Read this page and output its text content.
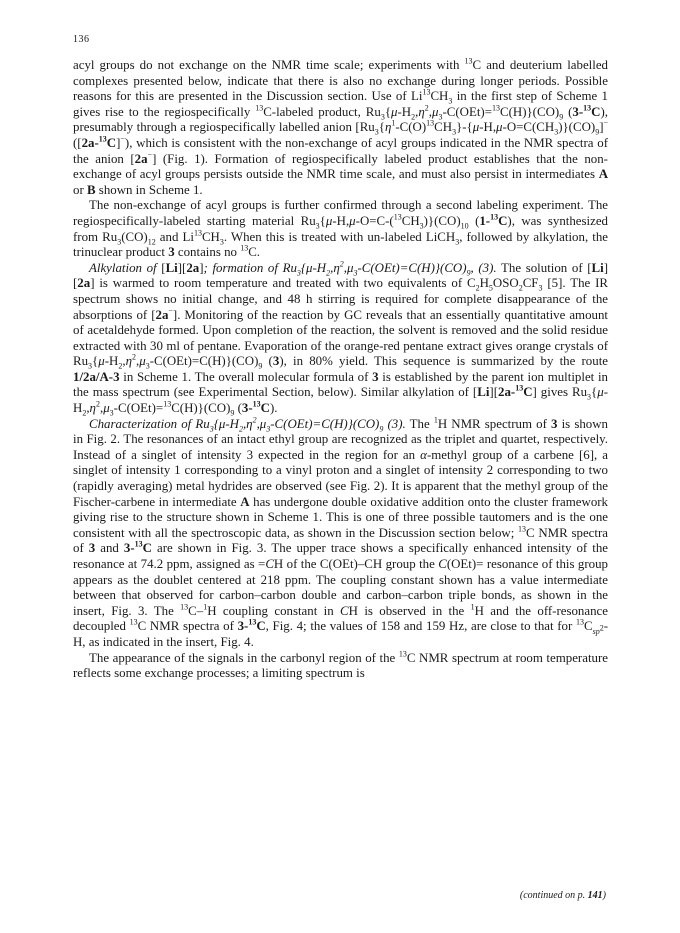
136

acyl groups do not exchange on the NMR time scale; experiments with $^{13}$C and deuterium labelled complexes presented below, indicate that there is also no exchange during longer periods. Possible reasons for this are presented in the Discussion section. Use of $Li^{13}CH_3$ in the first step of Scheme 1 gives rise to the regiospecifically $^{13}$C-labeled product, $Ru_3\{\mu-H_2,\eta^2,\mu_3-C(OEt)=^{13}C(H)\}(CO)_9$ (3-$^{13}$C), presumably through a regiospecifically labelled anion $[Ru_3\{\eta^1-C(O)^{13}CH_3\}-\{\mu-H,\mu-O=C(CH_3)\}(CO)_9]^-$ ([2a-$^{13}$C]−), which is consistent with the non-exchange of acyl groups indicated in the NMR spectra of the anion [2a−] (Fig. 1). Formation of regiospecifically labeled product establishes that the non-exchange of acyl groups persists outside the NMR time scale, and must also persist in intermediates A or B shown in Scheme 1.

The non-exchange of acyl groups is further confirmed through a second labeling experiment. The regiospecifically-labeled starting material $Ru_3\{\mu-H,\mu-O=C-(^{13}CH_3)\}(CO)_{10}$ (1-$^{13}$C), was synthesized from $Ru_3(CO)_{12}$ and $Li^{13}CH_3$. When this is treated with un-labeled LiCH$_3$, followed by alkylation, the trinuclear product 3 contains no $^{13}$C.

Alkylation of [Li][2a]; formation of $Ru_3\{\mu-H_2,\eta^2,\mu_3-C(OEt)=C(H)\}(CO)_9$, (3). The solution of [Li][2a] is warmed to room temperature and treated with two equivalents of $C_2H_5OSO_2CF_3$ [5]. The IR spectrum shows no initial change, and 48 h stirring is required for complete disappearance of the absorptions of [2a−]. Monitoring of the reaction by GC reveals that an essentially quantitative amount of acetaldehyde formed. Upon completion of the reaction, the solvent is removed and the solid residue extracted with 30 ml of pentane. Evaporation of the orange-red pentane extract gives orange crystals of $Ru_3\{\mu-H_2,\eta^2,\mu_3-C(OEt)=C(H)\}(CO)_9$ (3), in 80% yield. This sequence is summarized by the route 1/2a/A-3 in Scheme 1. The overall molecular formula of 3 is established by the parent ion multiplet in the mass spectrum (see Experimental Section, below). Similar alkylation of [Li][2a-$^{13}$C] gives $Ru_3\{\mu-H_2,\eta^2,\mu_3-C(OEt)=^{13}C(H)\}(CO)_9$ (3-$^{13}$C).

Characterization of $Ru_3\{\mu-H_2,\eta^2,\mu_3-C(OEt)=C(H)\}(CO)_9$ (3). The $^1$H NMR spectrum of 3 is shown in Fig. 2. The resonances of an intact ethyl group are recognized as the triplet and quartet, respectively. Instead of a singlet of intensity 3 expected in the region for an α-methyl group of a carbene [6], a singlet of intensity 1 corresponding to a vinyl proton and a singlet of intensity 2 corresponding to two (rapidly averaging) metal hydrides are observed (see Fig. 2). It is apparent that the methyl group of the Fischer-carbene in intermediate A has undergone double oxidative addition onto the cluster framework giving rise to the structure shown in Scheme 1. This is one of three possible tautomers and is the one consistent with all the spectroscopic data, as shown in the Discussion section below; $^{13}$C NMR spectra of 3 and 3-$^{13}$C are shown in Fig. 3. The upper trace shows a specifically enhanced intensity of the resonance at 74.2 ppm, assigned as =CH of the C(OEt)–CH group the C(OEt)= resonance of this group appears as the doublet centered at 218 ppm. The coupling constant shown has a value intermediate between that observed for carbon–carbon double and carbon–carbon triple bonds, as shown in the insert, Fig. 3. The $^{13}$C–$^1$H coupling constant in CH is observed in the $^1$H and the off-resonance decoupled $^{13}$C NMR spectra of 3-$^{13}$C, Fig. 4; the values of 158 and 159 Hz, are close to that for $^{13}C_{sp^2}-H$, as indicated in the insert, Fig. 4.

The appearance of the signals in the carbonyl region of the $^{13}$C NMR spectrum at room temperature reflects some exchange processes; a limiting spectrum is

(continued on p. 141)
